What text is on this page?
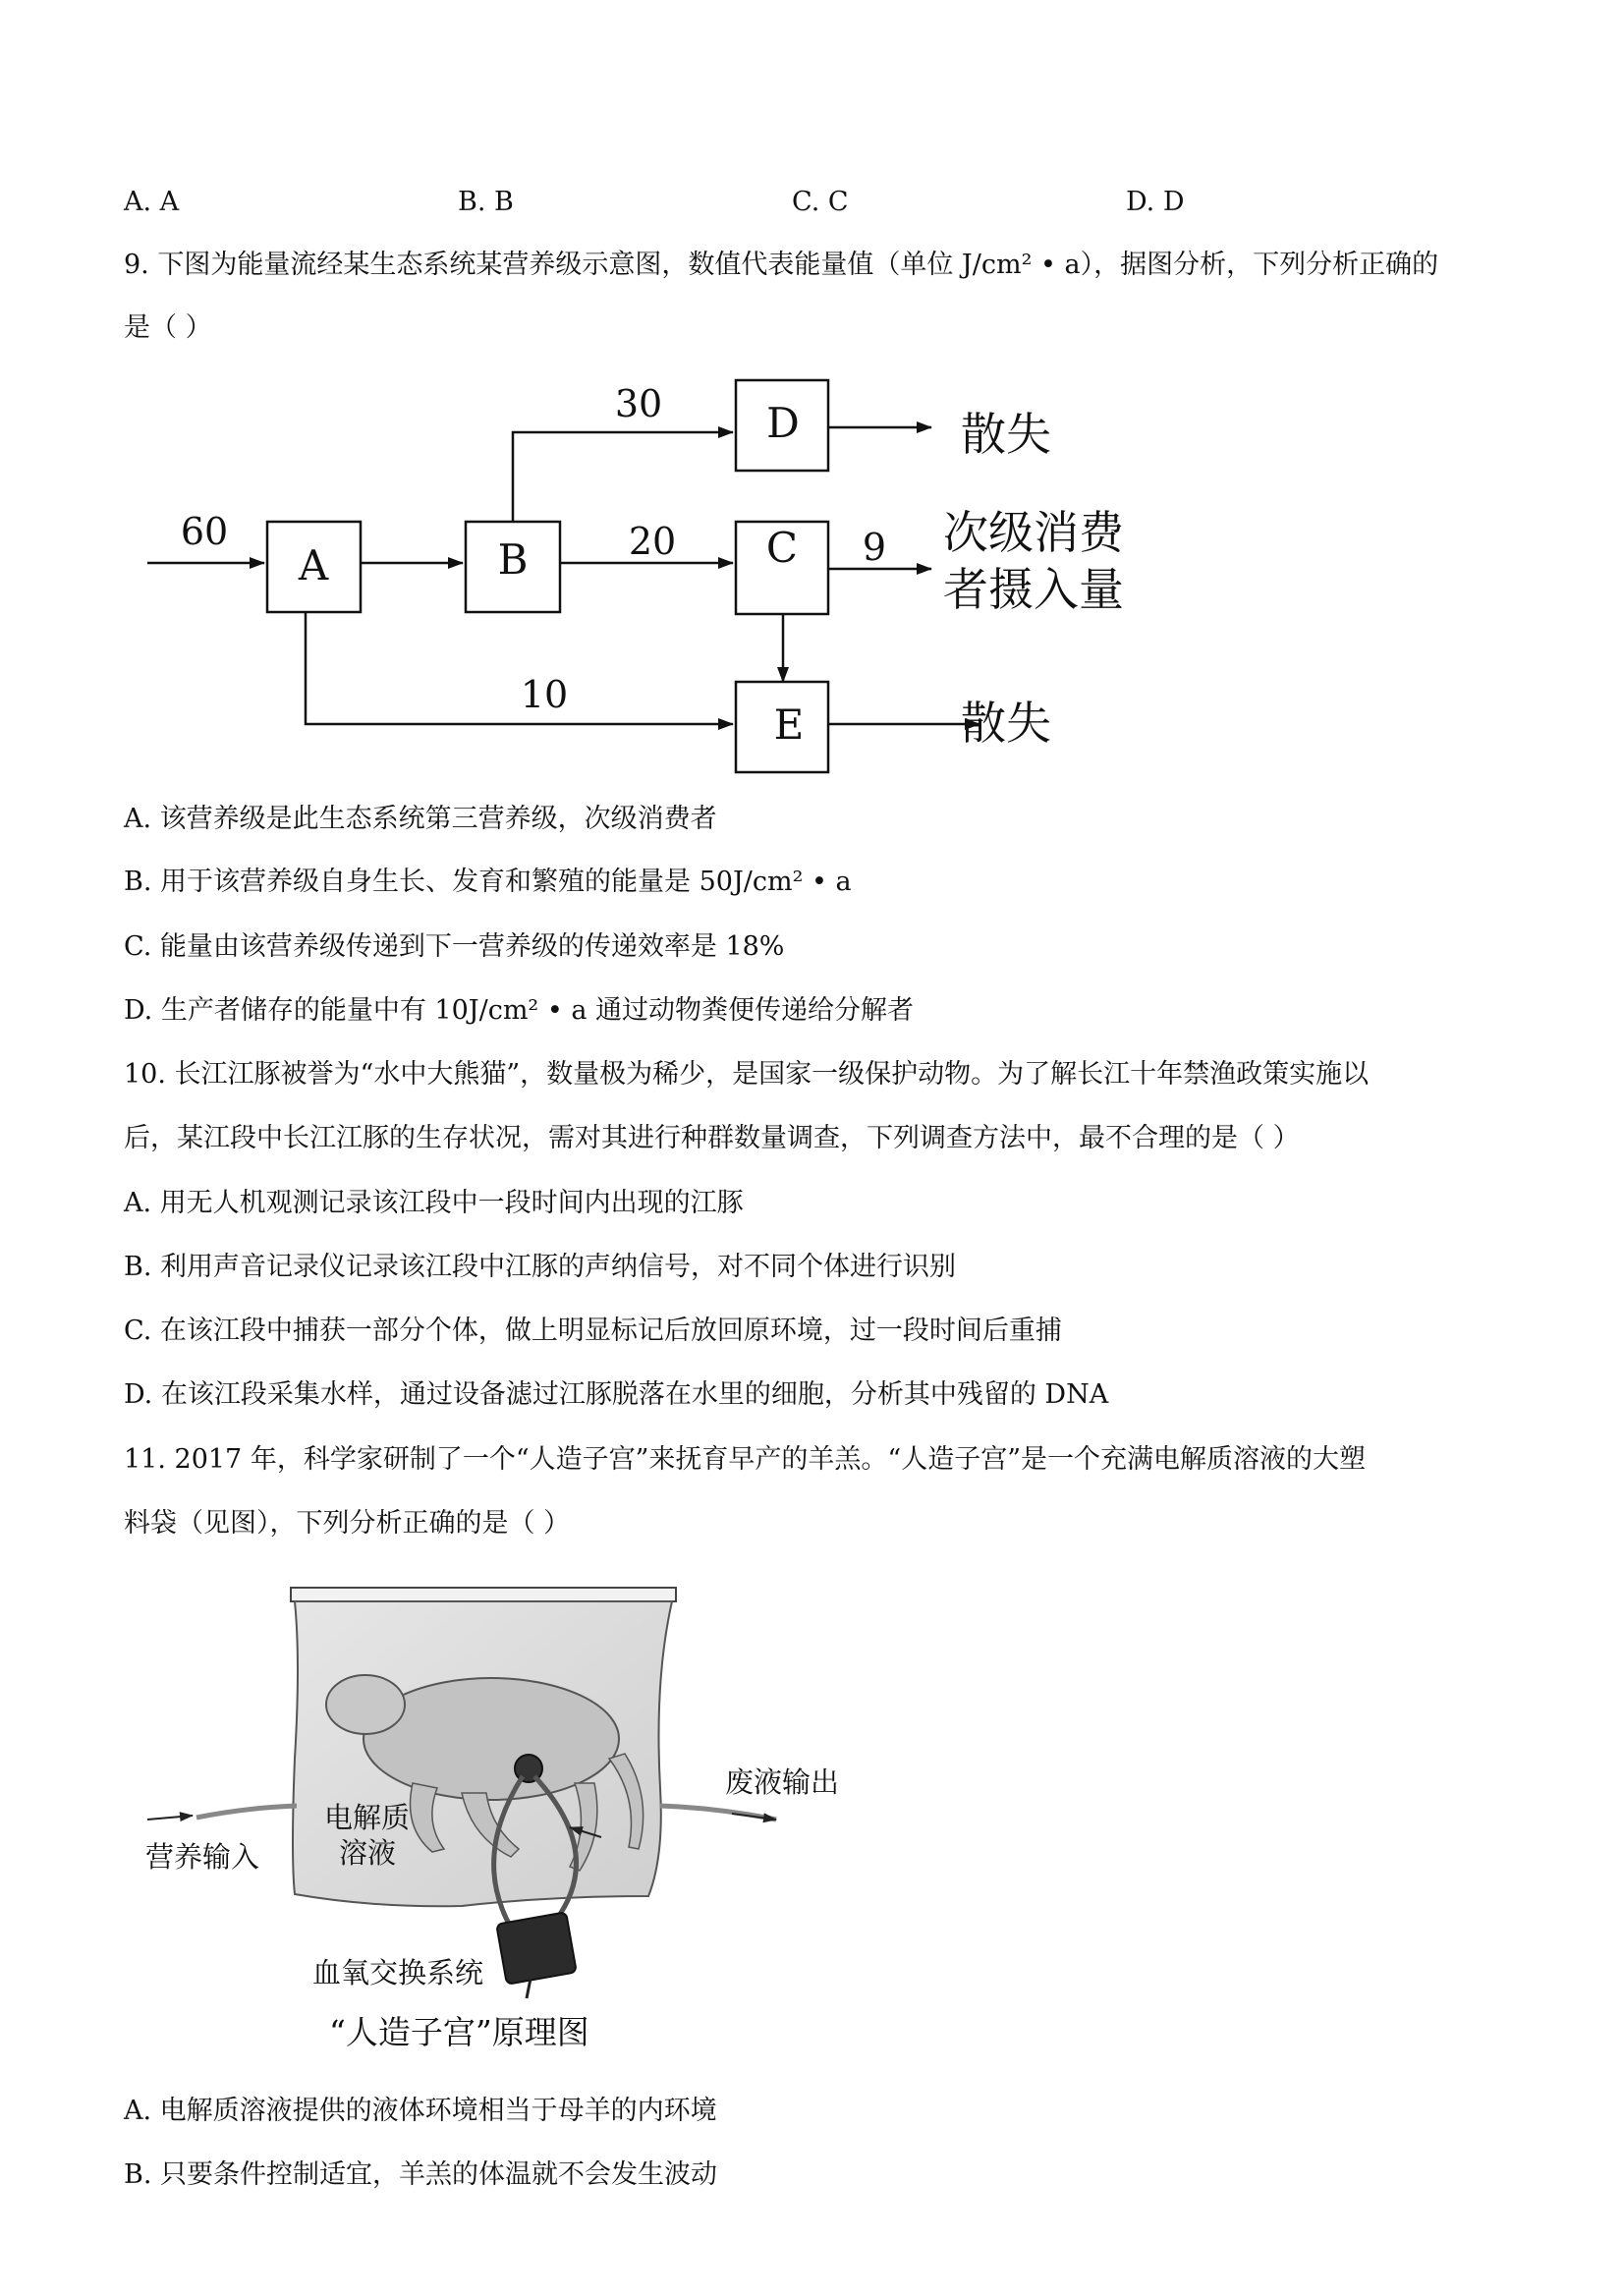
A. A	B. B	C. C	D. D
9. 下图为能量流经某生态系统某营养级示意图，数值代表能量值（单位 J/cm² • a），据图分析，下列分析正确的
是（ ）
A	B	C
D
E
60
30
20	9
10
散失
次级消费
者摄入量
散失
A. 该营养级是此生态系统第三营养级，次级消费者
B. 用于该营养级自身生长、发育和繁殖的能量是 50J/cm² • a
C. 能量由该营养级传递到下一营养级的传递效率是 18%
D. 生产者储存的能量中有 10J/cm² • a 通过动物粪便传递给分解者
10. 长江江豚被誉为“水中大熊猫”，数量极为稀少，是国家一级保护动物。为了解长江十年禁渔政策实施以
后，某江段中长江江豚的生存状况，需对其进行种群数量调查，下列调查方法中，最不合理的是（ ）
A. 用无人机观测记录该江段中一段时间内出现的江豚
B. 利用声音记录仪记录该江段中江豚的声纳信号，对不同个体进行识别
C. 在该江段中捕获一部分个体，做上明显标记后放回原环境，过一段时间后重捕
D. 在该江段采集水样，通过设备滤过江豚脱落在水里的细胞，分析其中残留的 DNA
11. 2017 年，科学家研制了一个“人造子宫”来抚育早产的羊羔。“人造子宫”是一个充满电解质溶液的大塑
料袋（见图），下列分析正确的是（ ）
废液输出
电解质
溶液
营养输入
血氧交换系统
“人造子宫”原理图
A. 电解质溶液提供的液体环境相当于母羊的内环境
B. 只要条件控制适宜，羊羔的体温就不会发生波动
